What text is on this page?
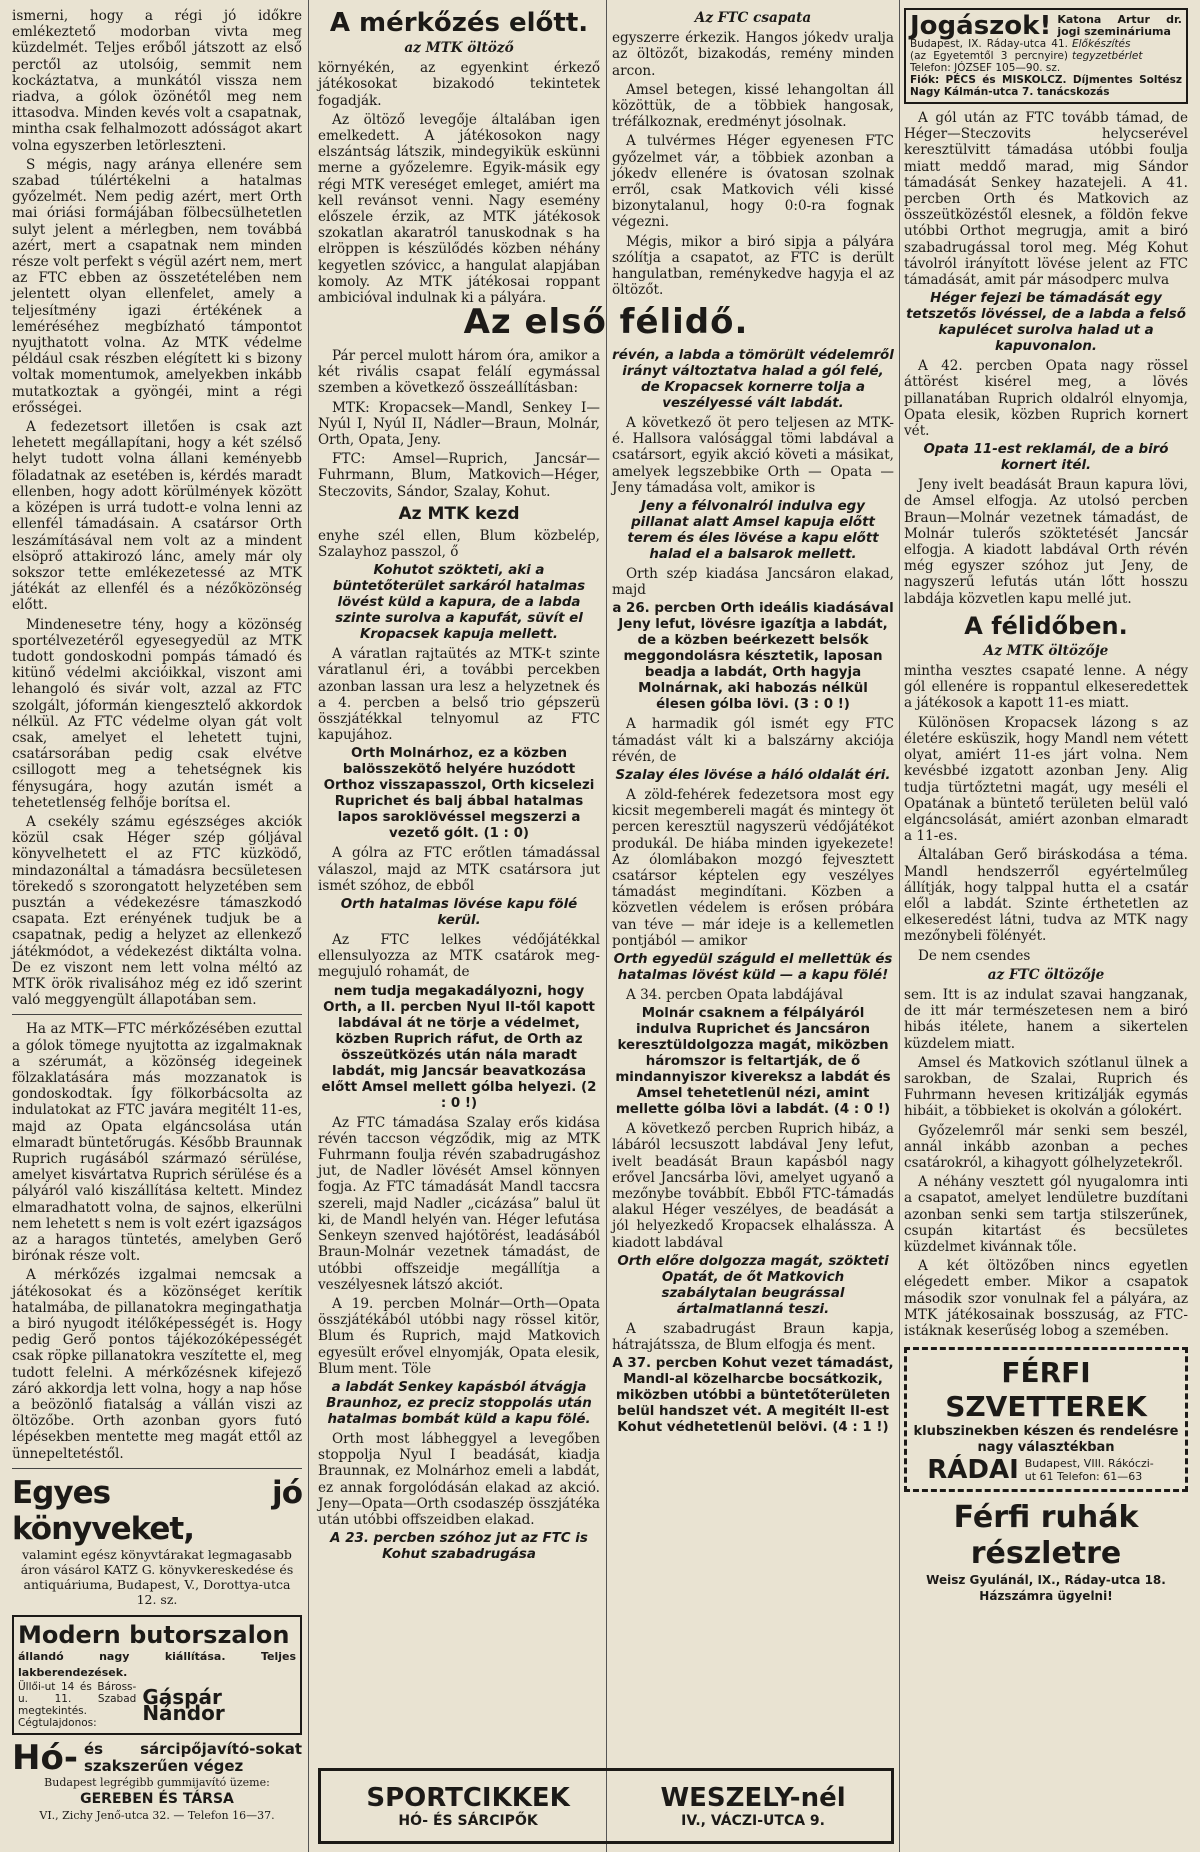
ismerni, hogy a régi jó időkre emlékeztető modorban vivta meg küzdelmét. Teljes erőből játszott az első perctől az utolsóig, semmit nem kockáztatva, a munkától vissza nem riadva, a gólok özönétől meg nem ittasodva. Minden kevés volt a csapatnak, mintha csak felhalmozott adósságot akart volna egyszerben letörleszteni.

S mégis, nagy aránya ellenére sem szabad túlértékelni a hatalmas győzelmét. Nem pedig azért, mert Orth mai óriási formájában fölbecsülhetetlen sulyt jelent a mérlegben, nem továbbá azért, mert a csapatnak nem minden része volt perfekt s végül azért nem, mert az FTC ebben az összetételében nem jelentett olyan ellenfelet, amely a teljesítmény igazi értékének a leméréséhez megbízható támpontot nyujthatott volna. Az MTK védelme például csak részben elégített ki s bizony voltak momentumok, amelyekben inkább mutatkoztak a gyöngéi, mint a régi erősségei.

A fedezetsort illetően is csak azt lehetett megállapítani, hogy a két szélső helyt tudott volna állani keményebb föladatnak az esetében is, kérdés maradt ellenben, hogy adott körülmények között a középen is urrá tudott-e volna lenni az ellenfél támadásain. A csatársor Orth leszámításával nem volt az a mindent elsöprő attakirozó lánc, amely már oly sokszor tette emlékezetessé az MTK játékát az ellenfél és a nézőközönség előtt.

Mindenesetre tény, hogy a közönség sportélvezetéről egyesegyedül az MTK tudott gondoskodni pompás támadó és kitünő védelmi akcióikkal, viszont ami lehangoló és sivár volt, azzal az FTC szolgált, jóformán kiengesztelő akkordok nélkül. Az FTC védelme olyan gát volt csak, amelyet el lehetett tujni, csatársorában pedig csak elvétve csillogott meg a tehetségnek kis fénysugára, hogy azután ismét a tehetetlenség felhője borítsa el.

A csekély számu egészséges akciók közül csak Héger szép góljával könyvelhetett el az FTC küzködő, mindazonáltal a támadásra becsületesen törekedő s szorongatott helyzetében sem pusztán a védekezésre támaszkodó csapata. Ezt erényének tudjuk be a csapatnak, pedig a helyzet az ellenkező játékmódot, a védekezést diktálta volna. De ez viszont nem lett volna méltó az MTK örök rivalisához még ez idő szerint való meggyengült állapotában sem.

Ha az MTK—FTC mérkőzésében ezuttal a gólok tömege nyujtotta az izgalmaknak a szérumát, a közönség idegeinek fölzaklatására más mozzanatok is gondoskodtak. Így fölkorbácsolta az indulatokat az FTC javára megitélt 11-es, majd az Opata elgáncsolása után elmaradt büntetőrugás. Később Braunnak Ruprich rugásából származó sérülése, amelyet kisvártatva Ruprich sérülése és a pályáról való kiszállítása keltett. Mindez elmaradhatott volna, de sajnos, elkerülni nem lehetett s nem is volt ezért igazságos az a haragos tüntetés, amelyben Gerő birónak része volt.

A mérkőzés izgalmai nemcsak a játékosokat és a közönséget kerítik hatalmába, de pillanatokra megingathatja a biró nyugodt itélőképességét is. Hogy pedig Gerő pontos tájékozóképességét csak röpke pillanatokra veszítette el, meg tudott felelni. A mérkőzésnek kifejező záró akkordja lett volna, hogy a nap hőse a beözönlő fiatalság a vállán viszi az öltözőbe. Orth azonban gyors futó lépésekben mentette meg magát ettől az ünnepeltetéstől.

Egyes jó könyveket,
valamint egész könyvtárakat legmagasabb áron vásárol KATZ G. könyvkereskedése és antiquáriuma, Budapest, V., Dorottya-utca 12. sz.
Modern butorszalon
állandó nagy kiállítása. Teljes lakberendezések.
Üllői-ut 14 és Báross-u. 11. Szabad megtekintés. Cégtulajdonos:
Gáspár Nándor
Hó- és sárcipőjavító-sokat szakszerűen végez
Budapest legrégibb gummijavító üzeme:
GEREBEN ÉS TÁRSA
VI., Zichy Jenő-utca 32. — Telefon 16—37.
A mérkőzés előtt.

az MTK öltöző

környékén, az egyenkint érkező játékosokat bizakodó tekintetek fogadják.

Az öltöző levegője általában igen emelkedett. A játékosokon nagy elszántság látszik, mindegyikük eskünni merne a győzelemre. Egyik-másik egy régi MTK vereséget emleget, amiért ma kell revánsot venni. Nagy esemény előszele érzik, az MTK játékosok szokatlan akaratról tanuskodnak s ha elröppen is készülődés közben néhány kegyetlen szóvicc, a hangulat alapjában komoly. Az MTK játékosai roppant ambicióval indulnak ki a pályára.

Az FTC csapata

egyszerre érkezik. Hangos jókedv uralja az öltözőt, bizakodás, remény minden arcon.

Amsel betegen, kissé lehangoltan áll közöttük, de a többiek hangosak, tréfálkoznak, eredményt jósolnak.

A tulvérmes Héger egyenesen FTC győzelmet vár, a többiek azonban a jókedv ellenére is óvatosan szolnak erről, csak Matkovich véli kissé bizonytalanul, hogy 0:0-ra fognak végezni.

Mégis, mikor a biró sipja a pályára szólítja a csapatot, az FTC is derült hangulatban, reménykedve hagyja el az öltözőt.

Az első félidő.

Pár percel mulott három óra, amikor a két rivális csapat felálí egymással szemben a következő összeállításban:

MTK: Kropacsek—Mandl, Senkey I—Nyúl I, Nyúl II, Nádler—Braun, Molnár, Orth, Opata, Jeny.

FTC: Amsel—Ruprich, Jancsár—Fuhrmann, Blum, Matkovich—Héger, Steczovits, Sándor, Szalay, Kohut.

Az MTK kezd

enyhe szél ellen, Blum közbelép, Szalayhoz passzol, ő

Kohutot szökteti, aki a büntetőterület sarkáról hatalmas lövést küld a kapura, de a labda szinte surolva a kapufát, süvít el Kropacsek kapuja mellett.

A váratlan rajtaütés az MTK-t szinte váratlanul éri, a további percekben azonban lassan ura lesz a helyzetnek és a 4. percben a belső trio gépszerü összjátékkal telnyomul az FTC kapujához.

Orth Molnárhoz, ez a közben balösszekötő helyére huzódott Orthoz visszapasszol, Orth kicselezi Ruprichet és balj ábbal hatalmas lapos saroklövéssel megszerzi a vezető gólt. (1 : 0)

A gólra az FTC erőtlen támadással válaszol, majd az MTK csatársora jut ismét szóhoz, de ebből

Orth hatalmas lövése kapu fölé kerül.

Az FTC lelkes védőjátékkal ellensulyozza az MTK csatárok meg-megujuló rohamát, de

nem tudja megakadályozni, hogy Orth, a II. percben Nyul II-től kapott labdával át ne törje a védelmet, közben Ruprich ráfut, de Orth az összeütközés után nála maradt labdát, mig Jancsár beavatkozása előtt Amsel mellett gólba helyezi. (2 : 0 !)

Az FTC támadása Szalay erős kidása révén taccson végződik, mig az MTK Fuhrmann foulja révén szabadrugáshoz jut, de Nadler lövését Amsel könnyen fogja. Az FTC támadását Mandl taccsra szereli, majd Nadler „cicázása” balul üt ki, de Mandl helyén van. Héger lefutása Senkeyn szenved hajótörést, leadásából Braun-Molnár vezetnek támadást, de utóbbi offszeidje megállítja a veszélyesnek látszó akciót.

A 19. percben Molnár—Orth—Opata összjátékából utóbbi nagy rössel kitör, Blum és Ruprich, majd Matkovich egyesült erővel elnyomják, Opata elesik, Blum ment. Töle

a labdát Senkey kapásból átvágja Braunhoz, ez preciz stoppolás után hatalmas bombát küld a kapu fölé.

Orth most lábheggyel a levegőben stoppolja Nyul I beadását, kiadja Braunnak, ez Molnárhoz emeli a labdát, ez annak forgolódásán elakad az akció. Jeny—Opata—Orth csodaszép összjátéka után utóbbi offszeidben elakad.

A 23. percben szóhoz jut az FTC is Kohut szabadrugása

révén, a labda a tömörült védelemről irányt változtatva halad a gól felé, de Kropacsek kornerre tolja a veszélyessé vált labdát.

A következő öt pero teljesen az MTK-é. Hallsora valósággal tömi labdával a csatársort, egyik akció követi a másikat, amelyek legszebbike Orth — Opata — Jeny támadása volt, amikor is

Jeny a félvonalról indulva egy pillanat alatt Amsel kapuja előtt terem és éles lövése a kapu előtt halad el a balsarok mellett.

Orth szép kiadása Jancsáron elakad, majd

a 26. percben Orth ideális kiadásával Jeny lefut, lövésre igazítja a labdát, de a közben beérkezett belsők meggondolásra késztetik, laposan beadja a labdát, Orth hagyja Molnárnak, aki habozás nélkül élesen gólba lövi. (3 : 0 !)

A harmadik gól ismét egy FTC támadást vált ki a balszárny akciója révén, de

Szalay éles lövése a háló oldalát éri.

A zöld-fehérek fedezetsora most egy kicsit megembereli magát és mintegy öt percen keresztül nagyszerü védőjátékot produkál. De hiába minden igyekezete! Az ólomlábakon mozgó fejvesztett csatársor képtelen egy veszélyes támadást megindítani. Közben a közvetlen védelem is erősen próbára van téve — már ideje is a kellemetlen pontjából — amikor

Orth egyedül száguld el mellettük és hatalmas lövést küld — a kapu fölé!

A 34. percben Opata labdájával

Molnár csaknem a félpályáról indulva Ruprichet és Jancsáron keresztüldolgozza magát, miközben háromszor is feltartják, de ő mindannyiszor kivereksz a labdát és Amsel tehetetlenül nézi, amint mellette gólba lövi a labdát. (4 : 0 !)

A következő percben Ruprich hibáz, a lábáról lecsuszott labdával Jeny lefut, ivelt beadását Braun kapásból nagy erővel Jancsárba lövi, amelyet ugyanő a mezőnybe továbbít. Ebből FTC-támadás alakul Héger veszélyes, de beadását a jól helyezkedő Kropacsek elhalássza. A kiadott labdával

Orth előre dolgozza magát, szökteti Opatát, de őt Matkovich szabálytalan beugrással ártalmatlanná teszi.

A szabadrugást Braun kapja, hátrajátssza, de Blum elfogja és ment.

A 37. percben Kohut vezet támadást, Mandl-al közelharcbe bocsátkozik, miközben utóbbi a büntetőterületen belül handszet vét. A megitélt II-est Kohut védhetetlenül belövi. (4 : 1 !)

Jogászok! Katona Artur dr. jogi szemináriuma
Budapest, IX. Ráday-utca 41. (az Egyetemtől 3 percnyire) Telefon: JÓZSEF 105—90. sz.
Előkészítés tegyzetbérlet
Fiók: PÉCS és MISKOLCZ. Díjmentes Soltész Nagy Kálmán-utca 7. tanácskozás

A gól után az FTC tovább támad, de Héger—Steczovits helycserével keresztülvitt támadása utóbbi foulja miatt meddő marad, mig Sándor támadását Senkey hazatejeli. A 41. percben Orth és Matkovich az összeütközéstől elesnek, a földön fekve utóbbi Orthot megrugja, amit a biró szabadrugással torol meg. Még Kohut távolról irányított lövése jelent az FTC támadását, amit pár másodperc mulva

Héger fejezi be támadását egy tetszetős lövéssel, de a labda a felső kapulécet surolva halad ut a kapuvonalon.

A 42. percben Opata nagy rössel áttörést kisérel meg, a lövés pillanatában Ruprich oldalról elnyomja, Opata elesik, közben Ruprich kornert vét.

Opata 11-est reklamál, de a biró kornert itél.

Jeny ivelt beadását Braun kapura lövi, de Amsel elfogja. Az utolsó percben Braun—Molnár vezetnek támadást, de Molnár tulerős szöktetését Jancsár elfogja. A kiadott labdával Orth révén még egyszer szóhoz jut Jeny, de nagyszerű lefutás után lőtt hosszu labdája közvetlen kapu mellé jut.

A félidőben.

Az MTK öltözője

mintha vesztes csapaté lenne. A négy gól ellenére is roppantul elkeseredettek a játékosok a kapott 11-es miatt.

Különösen Kropacsek lázong s az életére esküszik, hogy Mandl nem vétett olyat, amiért 11-es járt volna. Nem kevésbbé izgatott azonban Jeny. Alig tudja türtőztetni magát, ugy meséli el Opatának a büntető területen belül való elgáncsolását, amiért azonban elmaradt a 11-es.

Általában Gerő biráskodása a téma. Mandl hendszerről egyértelműleg állítják, hogy talppal hutta el a csatár elől a labdát. Szinte érthetetlen az elkeseredést látni, tudva az MTK nagy mezőnybeli fölényét.

De nem csendes

az FTC öltözője

sem. Itt is az indulat szavai hangzanak, de itt már természetesen nem a biró hibás itélete, hanem a sikertelen küzdelem miatt.

Amsel és Matkovich szótlanul ülnek a sarokban, de Szalai, Ruprich és Fuhrmann hevesen kritizálják egymás hibáit, a többieket is okolván a gólokért.

Győzelemről már senki sem beszél, annál inkább azonban a peches csatárokról, a kihagyott gólhelyzetekről.

A néhány vesztett gól nyugalomra inti a csapatot, amelyet lendületre buzdítani azonban senki sem tartja stilszerűnek, csupán kitartást és becsületes küzdelmet kivánnak tőle.

A két öltözőben nincs egyetlen elégedett ember. Mikor a csapatok második szor vonulnak fel a pályára, az MTK játékosainak bosszuság, az FTC-istáknak keserűség lobog a szemében.

FÉRFI SZVETTEREK
klubszinekben készen és rendelésre nagy választékban
RÁDAI Budapest, VIII. Rákóczi-ut 61 Telefon: 61—63
Férfi ruhák részletre
Weisz Gyulánál, IX., Ráday-utca 18. Házszámra ügyelni!
SPORTCIKKEK
HÓ- ÉS SÁRCIPŐK
WESZELY-nél
IV., VÁCZI-UTCA 9.
